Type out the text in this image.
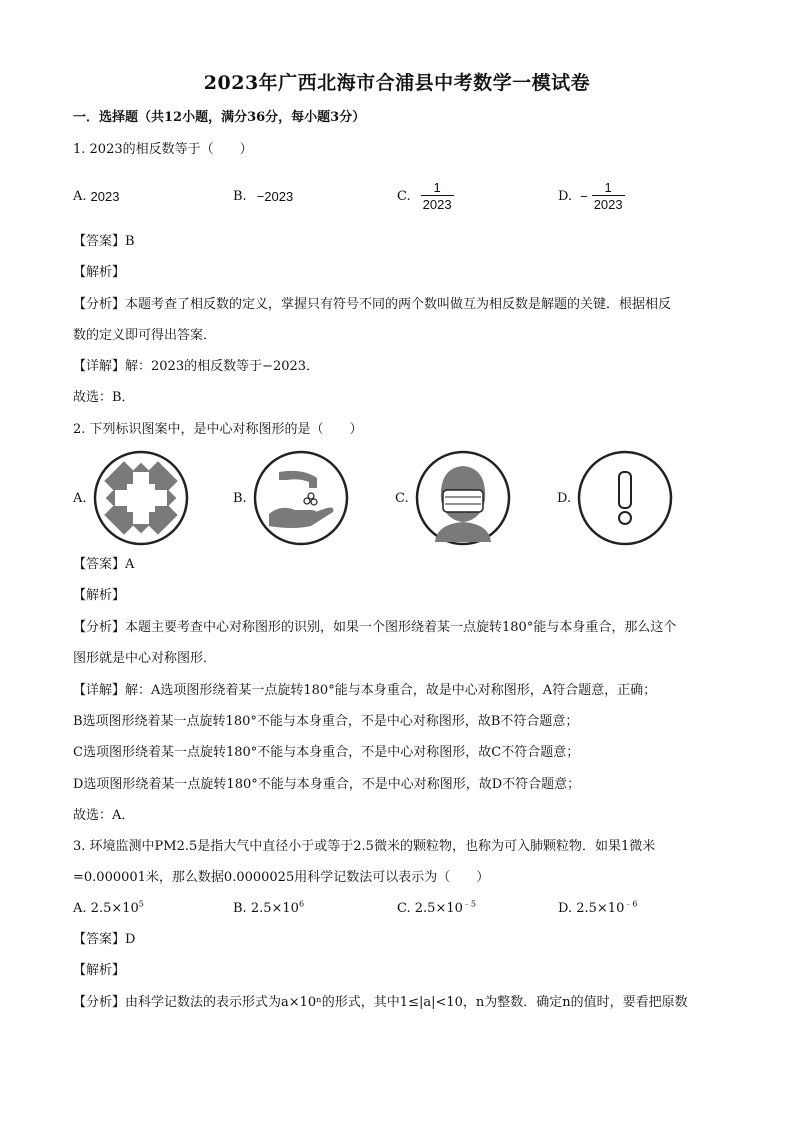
2023年广西北海市合浦县中考数学一模试卷
一．选择题（共12小题，满分36分，每小题3分）
1. 2023的相反数等于（　　）
A. 2023	B. −2023	C. $\frac{1}{2023}$	D. − $\frac{1}{2023}$
【答案】B
【解析】
【分析】本题考查了相反数的定义，掌握只有符号不同的两个数叫做互为相反数是解题的关键．根据相反
数的定义即可得出答案．
【详解】解：2023的相反数等于−2023．
故选：B．
2. 下列标识图案中，是中心对称图形的是（　　）
A.	B.	C.	D.
【答案】A
【解析】
【分析】本题主要考查中心对称图形的识别，如果一个图形绕着某一点旋转180°能与本身重合，那么这个
图形就是中心对称图形．
【详解】解：A选项图形绕着某一点旋转180°能与本身重合，故是中心对称图形，A符合题意，正确；
B选项图形绕着某一点旋转180°不能与本身重合，不是中心对称图形，故B不符合题意；
C选项图形绕着某一点旋转180°不能与本身重合，不是中心对称图形，故C不符合题意；
D选项图形绕着某一点旋转180°不能与本身重合，不是中心对称图形，故D不符合题意；
故选：A．
3. 环境监测中PM2.5是指大气中直径小于或等于2.5微米的颗粒物，也称为可入肺颗粒物．如果1微米
=0.000001米，那么数据0.0000025用科学记数法可以表示为（　　）
A. $2.5\times 10^5$	B. $2.5\times 10^6$	C. $2.5\times 10^{﹣5}$	D. $2.5\times 10^{﹣6}$
【答案】D
【解析】
【分析】由科学记数法的表示形式为a×10ⁿ的形式，其中1≤|a|<10，n为整数．确定n的值时，要看把原数
